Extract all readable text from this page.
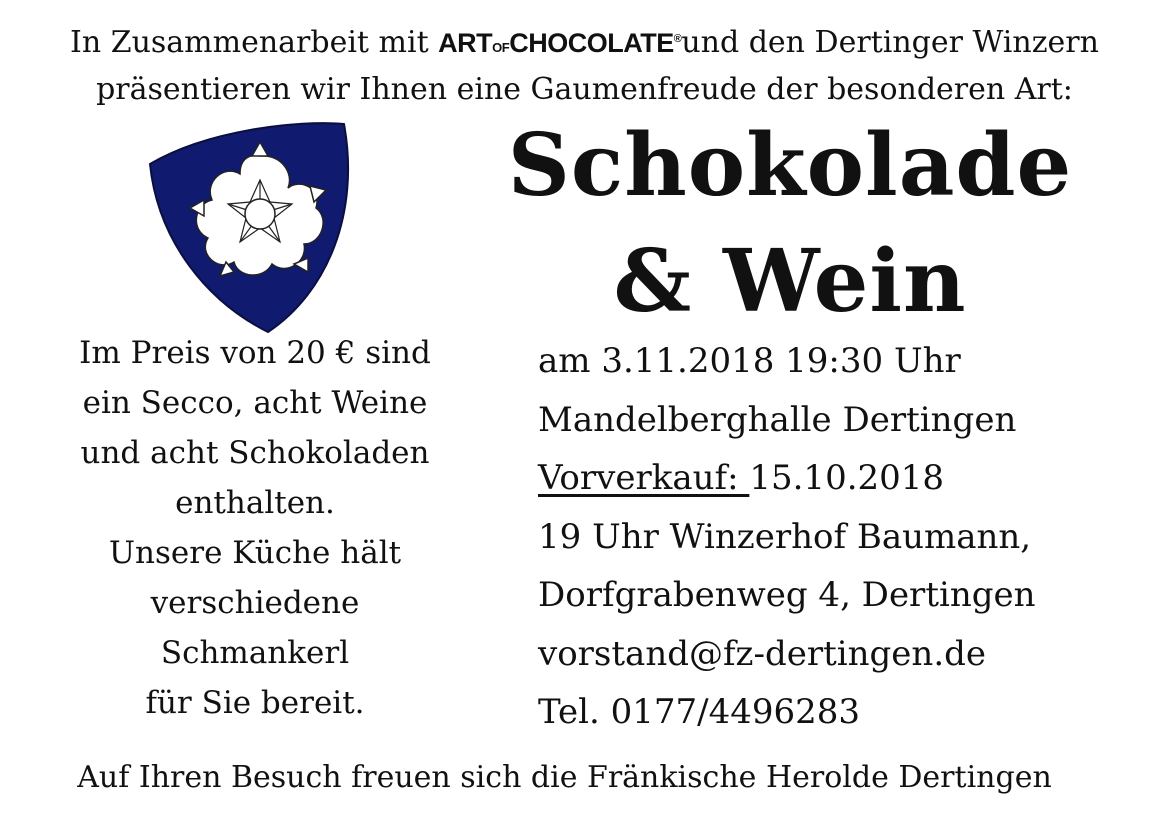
In Zusammenarbeit mit ARTOFCHOCOLATE®und den Dertinger Winzern
präsentieren wir Ihnen eine Gaumenfreude der besonderen Art:
Im Preis von 20 € sind
ein Secco, acht Weine
und acht Schokoladen
enthalten.
Unsere Küche hält
verschiedene
Schmankerl
für Sie bereit.
Schokolade
& Wein
am 3.11.2018 19:30 Uhr
Mandelberghalle Dertingen
Vorverkauf: 15.10.2018
19 Uhr Winzerhof Baumann,
Dorfgrabenweg 4, Dertingen
vorstand@fz-dertingen.de
Tel. 0177/4496283
Auf Ihren Besuch freuen sich die Fränkische Herolde Dertingen
